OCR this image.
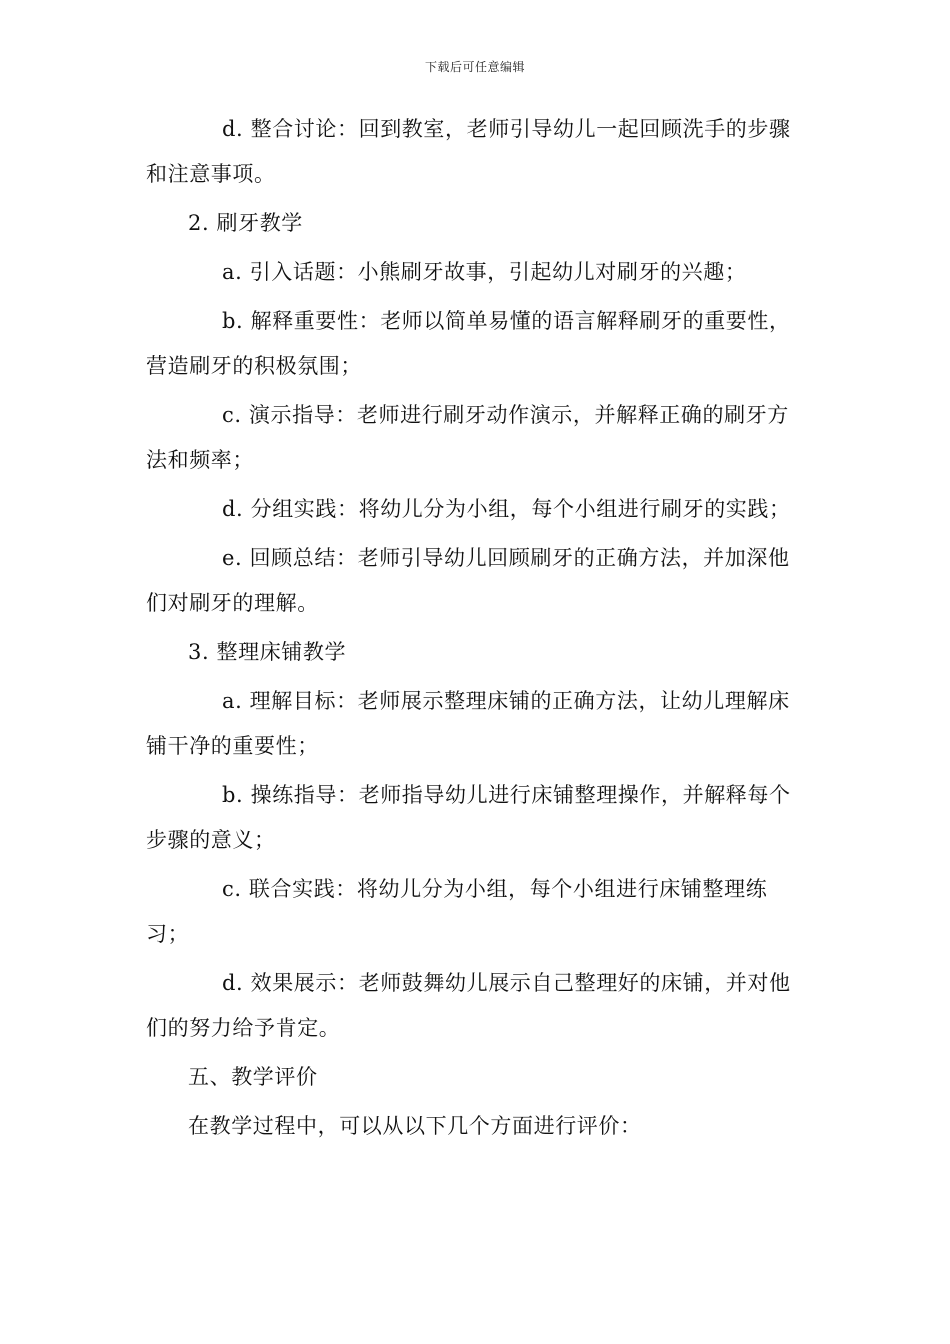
下载后可任意编辑

d. 整合讨论：回到教室，老师引导幼儿一起回顾洗手的步骤和注意事项。

2. 刷牙教学

a. 引入话题：小熊刷牙故事，引起幼儿对刷牙的兴趣；

b. 解释重要性：老师以简单易懂的语言解释刷牙的重要性，营造刷牙的积极氛围；

c. 演示指导：老师进行刷牙动作演示，并解释正确的刷牙方法和频率；

d. 分组实践：将幼儿分为小组，每个小组进行刷牙的实践；

e. 回顾总结：老师引导幼儿回顾刷牙的正确方法，并加深他们对刷牙的理解。

3. 整理床铺教学

a. 理解目标：老师展示整理床铺的正确方法，让幼儿理解床铺干净的重要性；

b. 操练指导：老师指导幼儿进行床铺整理操作，并解释每个步骤的意义；

c. 联合实践：将幼儿分为小组，每个小组进行床铺整理练习；

d. 效果展示：老师鼓舞幼儿展示自己整理好的床铺，并对他们的努力给予肯定。

五、教学评价

在教学过程中，可以从以下几个方面进行评价：
